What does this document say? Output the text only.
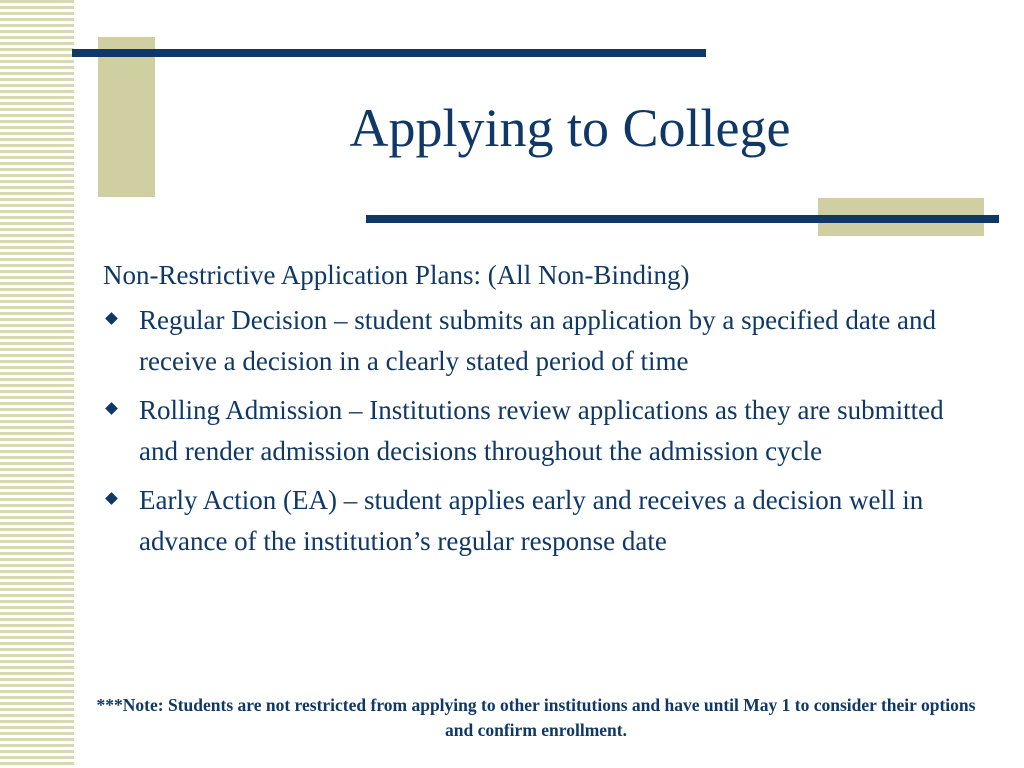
Applying to College

Non-Restrictive Application Plans: (All Non-Binding)

Regular Decision – student submits an application by a specified date and receive a decision in a clearly stated period of time
Rolling Admission – Institutions review applications as they are submitted and render admission decisions throughout the admission cycle
Early Action (EA) – student applies early and receives a decision well in advance of the institution’s regular response date

***Note: Students are not restricted from applying to other institutions and have until May 1 to consider their options and confirm enrollment.
